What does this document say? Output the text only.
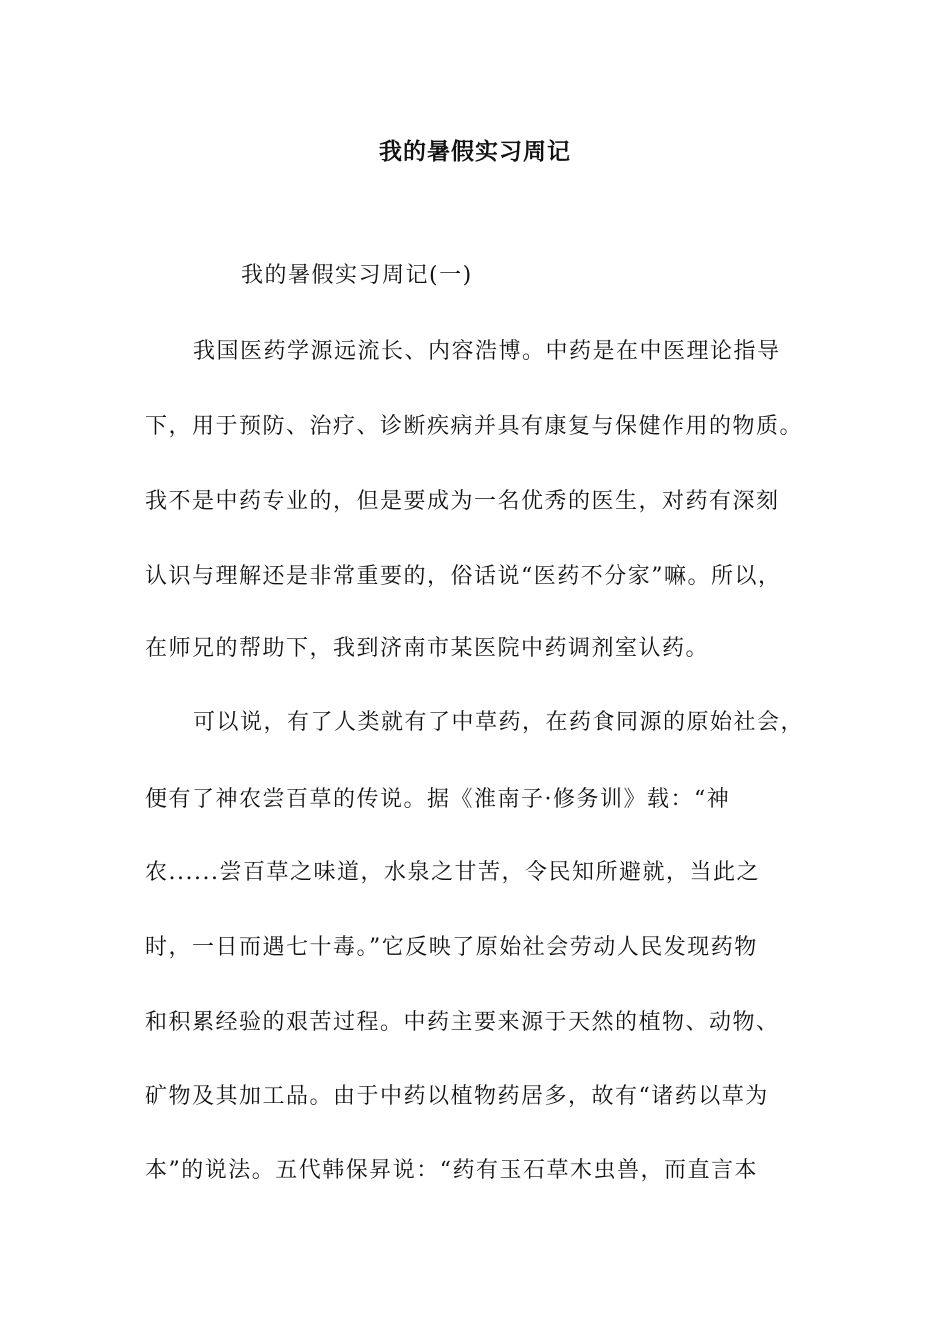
我的暑假实习周记
我的暑假实习周记(一)
我国医药学源远流长、内容浩博。中药是在中医理论指导
下，用于预防、治疗、诊断疾病并具有康复与保健作用的物质。
我不是中药专业的，但是要成为一名优秀的医生，对药有深刻
认识与理解还是非常重要的，俗话说“医药不分家”嘛。所以，
在师兄的帮助下，我到济南市某医院中药调剂室认药。
可以说，有了人类就有了中草药，在药食同源的原始社会，
便有了神农尝百草的传说。据《淮南子·修务训》载：“神
农......尝百草之味道，水泉之甘苦，令民知所避就，当此之
时，一日而遇七十毒。”它反映了原始社会劳动人民发现药物
和积累经验的艰苦过程。中药主要来源于天然的植物、动物、
矿物及其加工品。由于中药以植物药居多，故有“诸药以草为
本”的说法。五代韩保昇说：“药有玉石草木虫兽，而直言本
